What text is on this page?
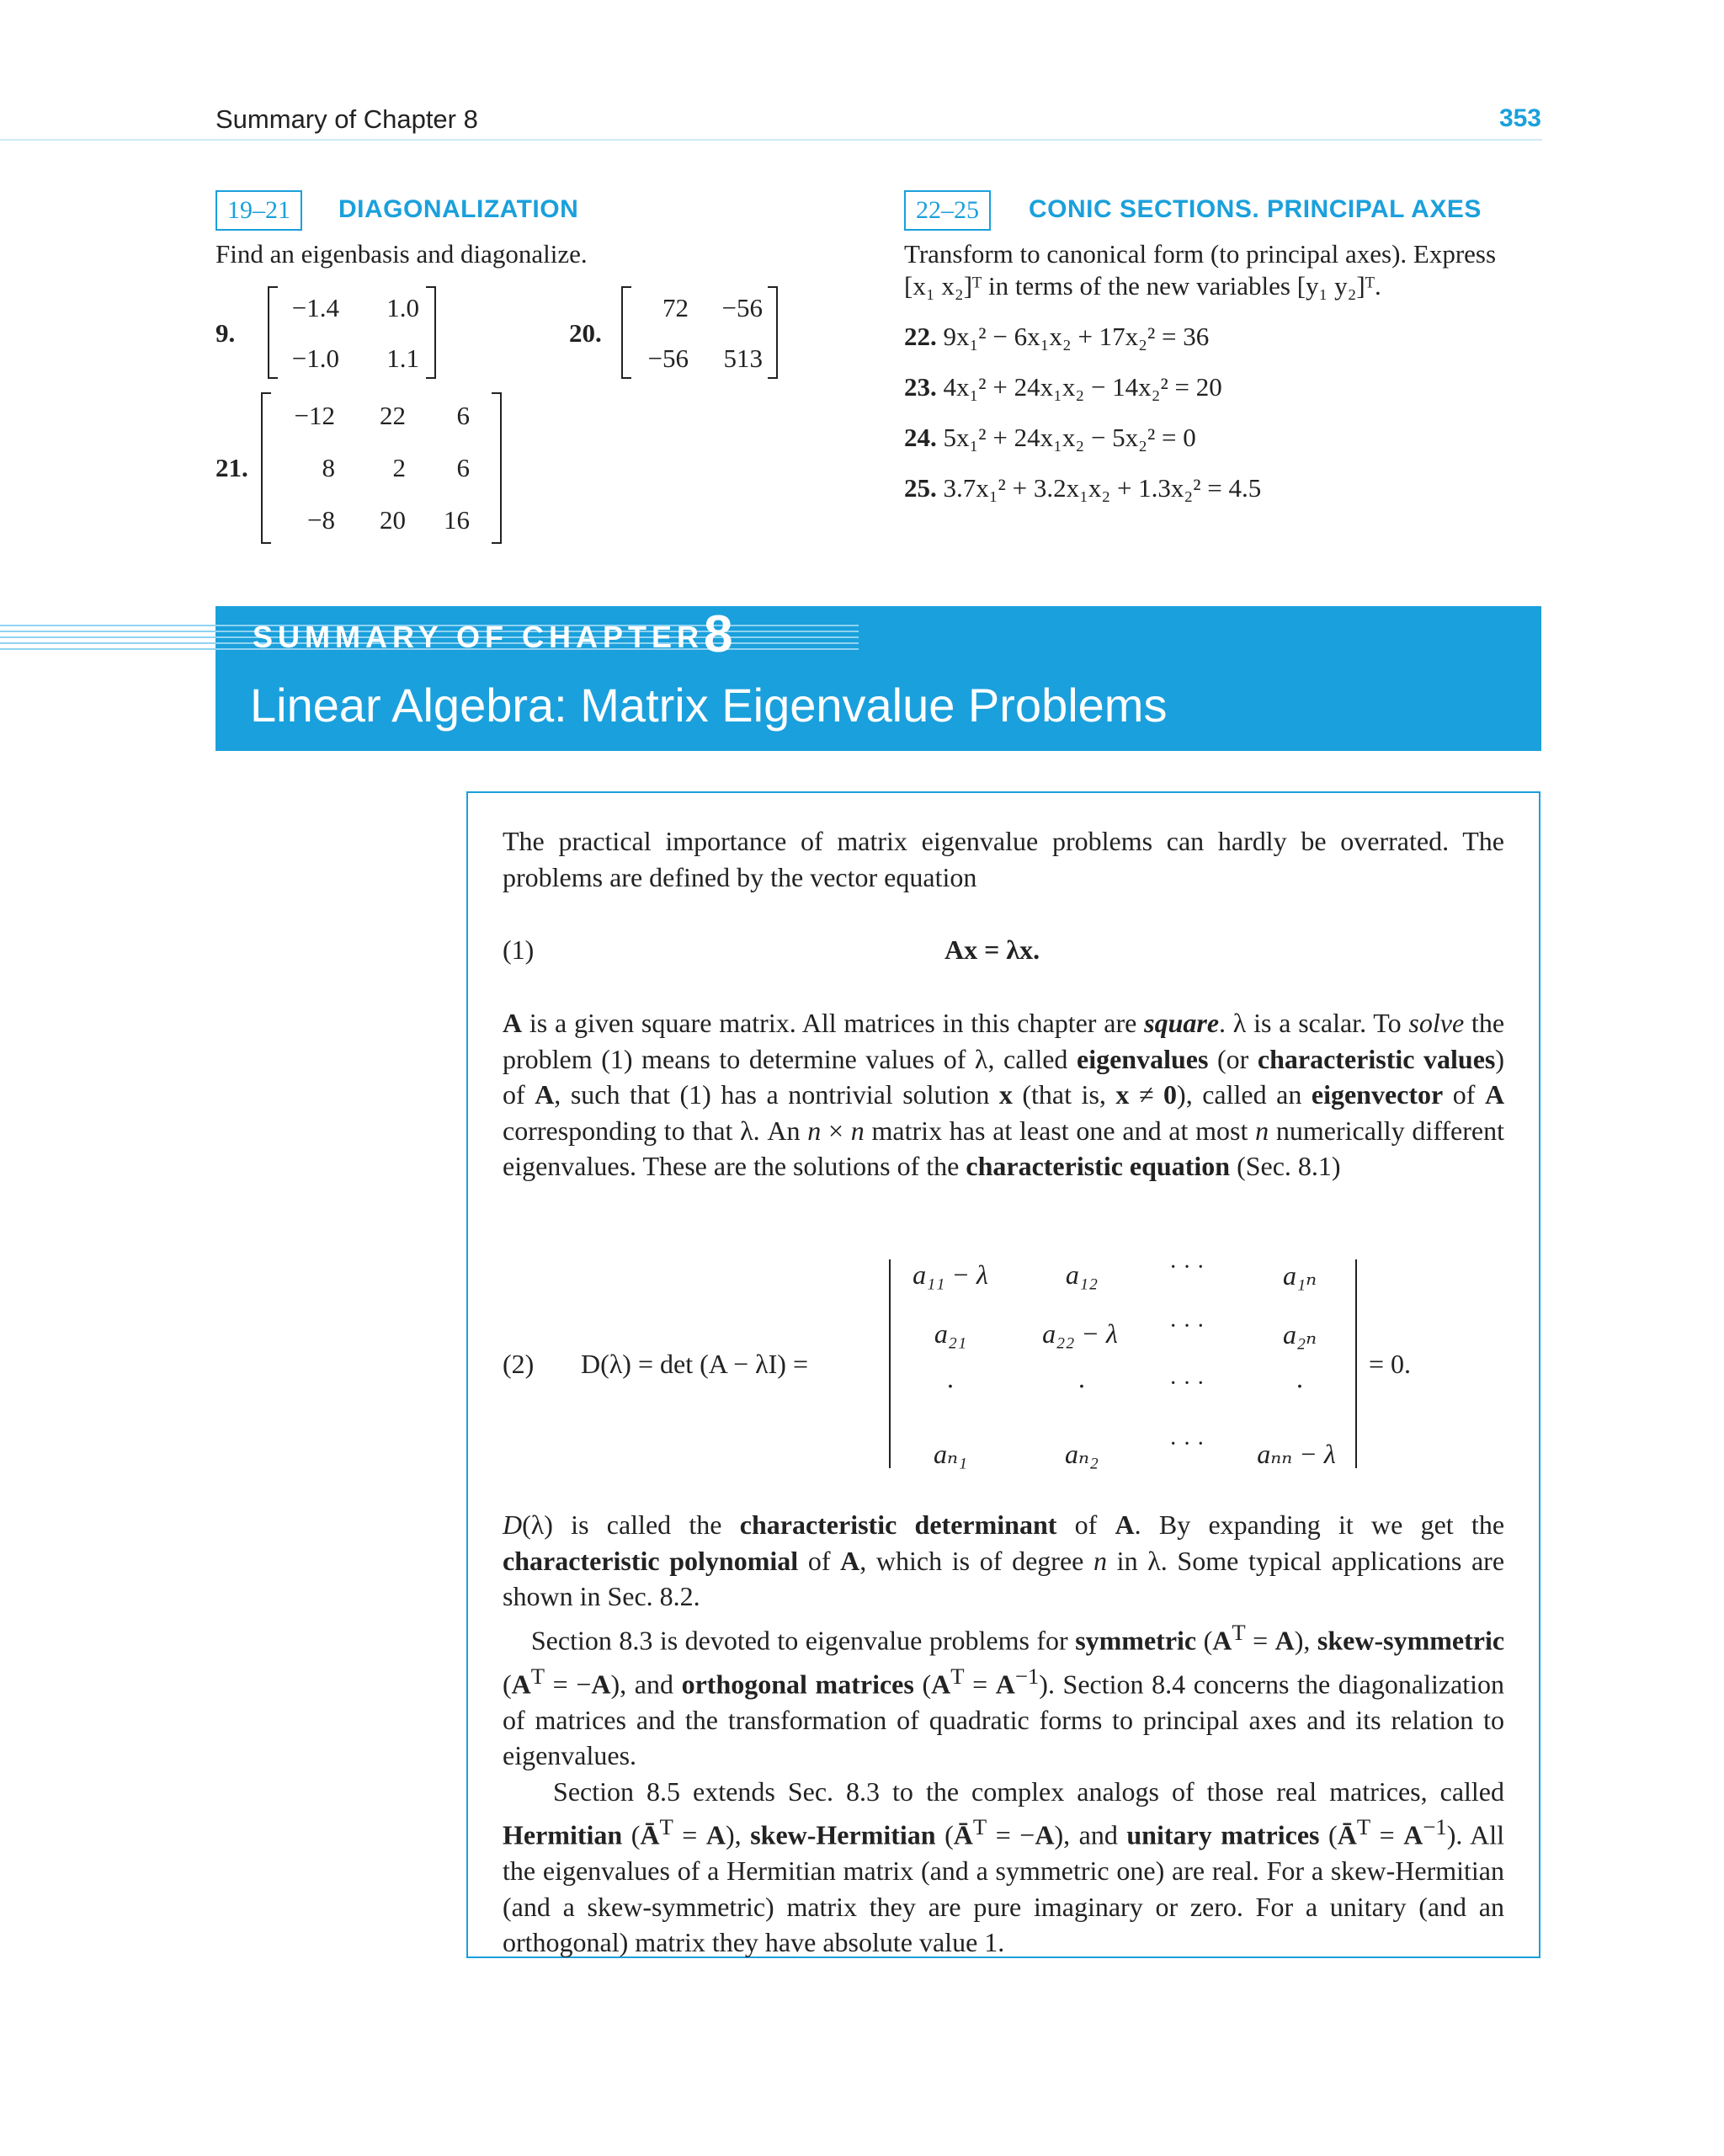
Summary of Chapter 8	353
19–21	DIAGONALIZATION
Find an eigenbasis and diagonalize.
9.
−1.4	1.0
−1.0	1.1
20.
72	−56
−56	513
21.
−12	22	6
8	2	6
−8	20	16
22–25	CONIC SECTIONS. PRINCIPAL AXES
Transform to canonical form (to principal axes). Express
[x₁ x₂]ᵀ in terms of the new variables [y₁ y₂]ᵀ.
22. 9x₁² − 6x₁x₂ + 17x₂² = 36
23. 4x₁² + 24x₁x₂ − 14x₂² = 20
24. 5x₁² + 24x₁x₂ − 5x₂² = 0
25. 3.7x₁² + 3.2x₁x₂ + 1.3x₂² = 4.5
SUMMARY OF CHAPTER 8
Linear Algebra: Matrix Eigenvalue Problems
The practical importance of matrix eigenvalue problems can hardly be overrated. The problems are defined by the vector equation
(1)	Ax = λx.
A is a given square matrix. All matrices in this chapter are square. λ is a scalar. To solve the problem (1) means to determine values of λ, called eigenvalues (or characteristic values) of A, such that (1) has a nontrivial solution x (that is, x ≠ 0), called an eigenvector of A corresponding to that λ. An n × n matrix has at least one and at most n numerically different eigenvalues. These are the solutions of the characteristic equation (Sec. 8.1)
(2) D(λ) = det (A − λI) =	= 0.
a₁₁ − λ	a₁₂	· · ·	a₁ₙ
a₂₁	a₂₂ − λ	· · ·	a₂ₙ
·	·	· · ·	·
aₙ₁	aₙ₂	· · ·	aₙₙ − λ
D(λ) is called the characteristic determinant of A. By expanding it we get the characteristic polynomial of A, which is of degree n in λ. Some typical applications are shown in Sec. 8.2.
Section 8.3 is devoted to eigenvalue problems for symmetric $(A^T = A)$, skew-symmetric $(A^T = -A)$, and orthogonal matrices $(A^T = A^{-1})$. Section 8.4 concerns the diagonalization of matrices and the transformation of quadratic forms to principal axes and its relation to eigenvalues.
Section 8.5 extends Sec. 8.3 to the complex analogs of those real matrices, called Hermitian $(Ā^T = A)$, skew-Hermitian $(Ā^T = -A)$, and unitary matrices $(Ā^T = A^{-1})$. All the eigenvalues of a Hermitian matrix (and a symmetric one) are real. For a skew-Hermitian (and a skew-symmetric) matrix they are pure imaginary or zero. For a unitary (and an orthogonal) matrix they have absolute value 1.
